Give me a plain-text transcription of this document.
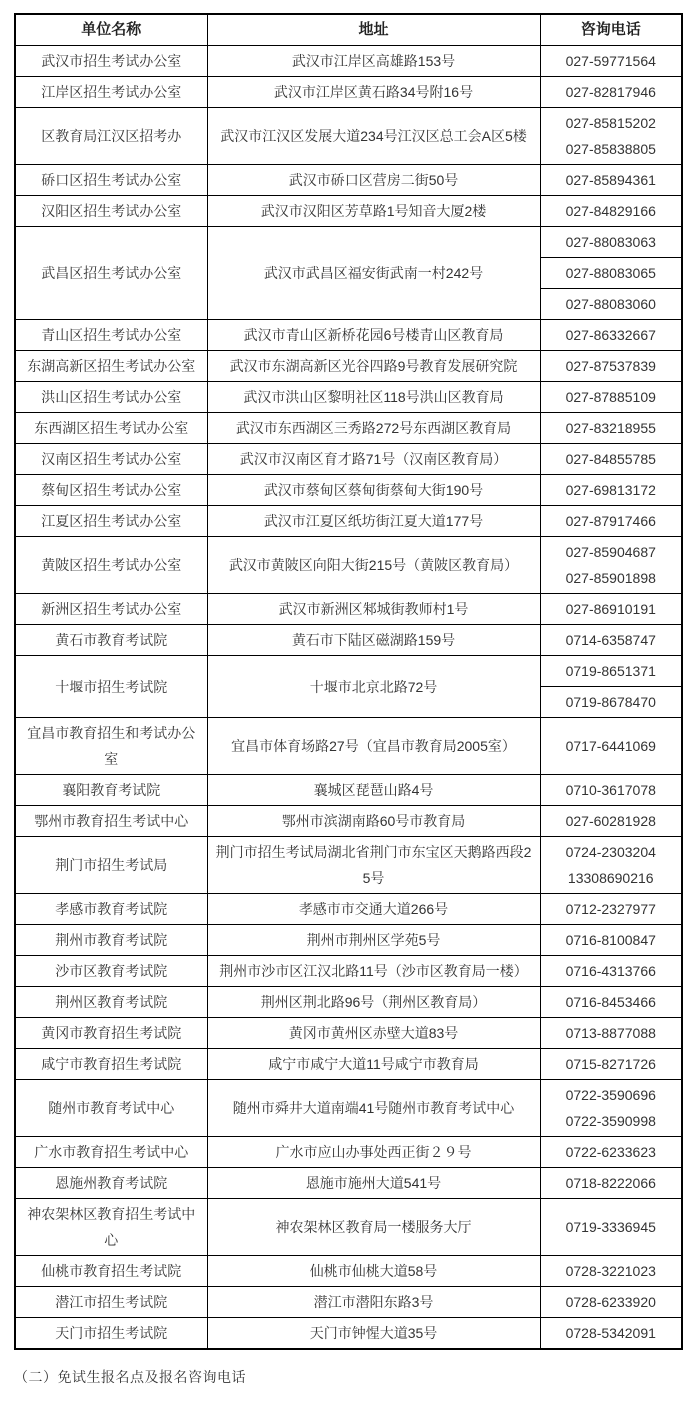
单位名称	地址	咨询电话
武汉市招生考试办公室	武汉市江岸区高雄路153号	027-59771564

江岸区招生考试办公室	武汉市江岸区黄石路34号附16号	027-82817946

区教育局江汉区招考办	武汉市江汉区发展大道234号江汉区总工会A区5楼	027-85815202
027-85838805

硚口区招生考试办公室	武汉市硚口区营房二街50号	027-85894361

汉阳区招生考试办公室	武汉市汉阳区芳草路1号知音大厦2楼	027-84829166

武昌区招生考试办公室	武汉市武昌区福安街武南一村242号	027-88083063
		027-88083065
		027-88083060
青山区招生考试办公室	武汉市青山区新桥花园6号楼青山区教育局	027-86332667

东湖高新区招生考试办公室	武汉市东湖高新区光谷四路9号教育发展研究院	027-87537839

洪山区招生考试办公室	武汉市洪山区黎明社区118号洪山区教育局	027-87885109

东西湖区招生考试办公室	武汉市东西湖区三秀路272号东西湖区教育局	027-83218955

汉南区招生考试办公室	武汉市汉南区育才路71号（汉南区教育局）	027-84855785

蔡甸区招生考试办公室	武汉市蔡甸区蔡甸街蔡甸大街190号	027-69813172

江夏区招生考试办公室	武汉市江夏区纸坊街江夏大道177号	027-87917466

黄陂区招生考试办公室	武汉市黄陂区向阳大街215号（黄陂区教育局）	027-85904687
027-85901898

新洲区招生考试办公室	武汉市新洲区邾城街教师村1号	027-86910191

黄石市教育考试院	黄石市下陆区磁湖路159号	0714-6358747

十堰市招生考试院	十堰市北京北路72号	0719-8651371
		0719-8678470
宜昌市教育招生和考试办公室	宜昌市体育场路27号（宜昌市教育局2005室）	0717-6441069

襄阳教育考试院	襄城区琵琶山路4号	0710-3617078

鄂州市教育招生考试中心	鄂州市滨湖南路60号市教育局	027-60281928

荆门市招生考试局	荆门市招生考试局湖北省荆门市东宝区天鹅路西段25号	0724-2303204
13308690216

孝感市教育考试院	孝感市市交通大道266号	0712-2327977

荆州市教育考试院	荆州市荆州区学苑5号	0716-8100847

沙市区教育考试院	荆州市沙市区江汉北路11号（沙市区教育局一楼）	0716-4313766

荆州区教育考试院	荆州区荆北路96号（荆州区教育局）	0716-8453466

黄冈市教育招生考试院	黄冈市黄州区赤壁大道83号	0713-8877088

咸宁市教育招生考试院	咸宁市咸宁大道11号咸宁市教育局	0715-8271726

随州市教育考试中心	随州市舜井大道南端41号随州市教育考试中心	0722-3590696
0722-3590998

广水市教育招生考试中心	广水市应山办事处西正街２９号	0722-6233623

恩施州教育考试院	恩施市施州大道541号	0718-8222066

神农架林区教育招生考试中心	神农架林区教育局一楼服务大厅	0719-3336945

仙桃市教育招生考试院	仙桃市仙桃大道58号	0728-3221023

潜江市招生考试院	潜江市潜阳东路3号	0728-6233920

天门市招生考试院	天门市钟惺大道35号	0728-5342091
（二）免试生报名点及报名咨询电话
